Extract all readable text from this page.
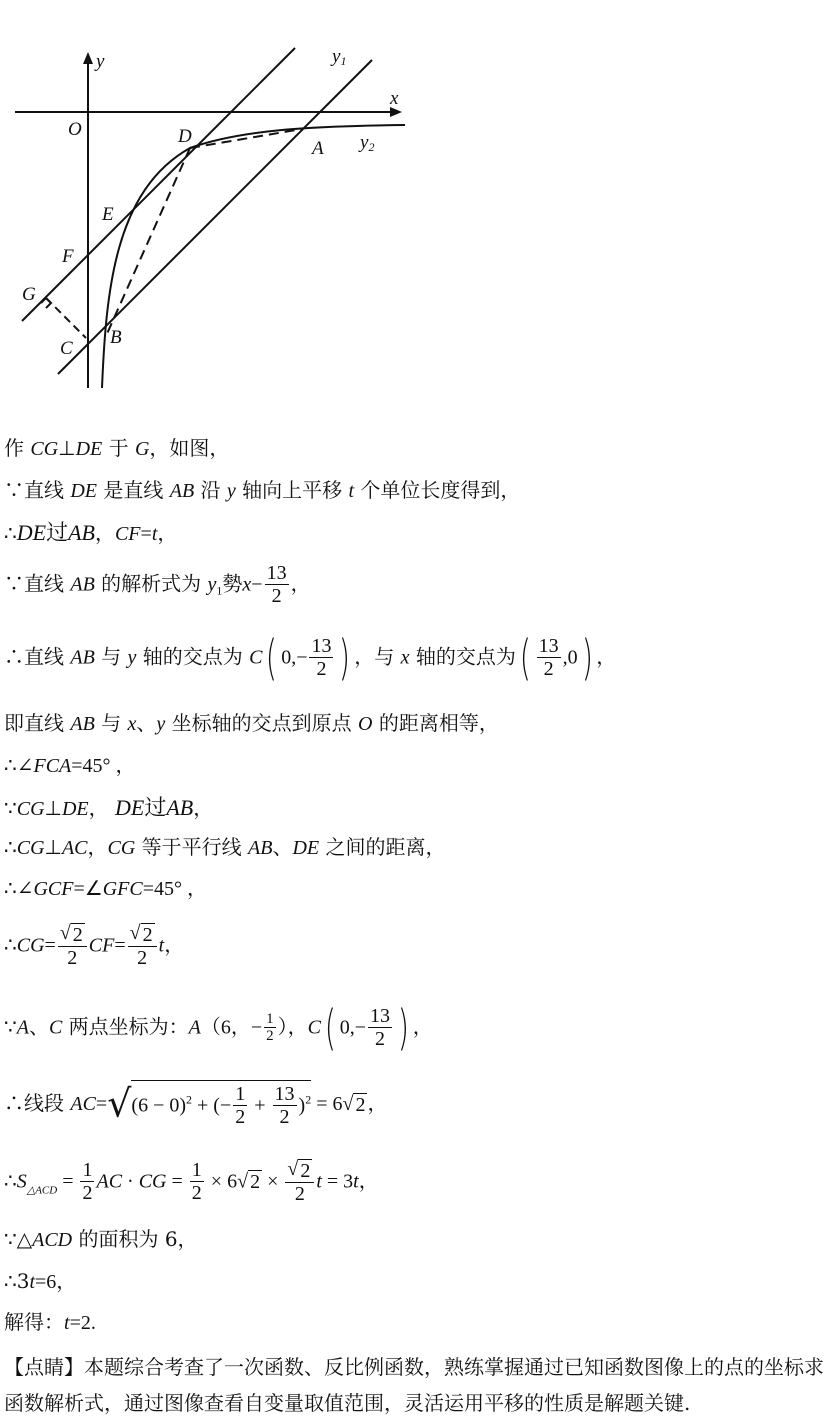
y
x
O
y1
y2
D
A
E
F
G
C
B
作 CG⊥DE 于 G，如图，
∵直线 DE 是直线 AB 沿 y 轴向上平移 t 个单位长度得到，
∴DE过AB，CF=t，
∵直线 AB 的解析式为 $y_1$勢$x- \frac{13}{2}$ ，
∴直线 AB 与 y 轴的交点为 C( $0,- \frac{13}{2}$ ) ，与 x 轴的交点为( $\frac{13}{2} ,0$) ，
即直线 AB 与 x、y 坐标轴的交点到原点 O 的距离相等，
∴∠FCA=45° ，
∵CG⊥DE， DE过AB，
∴CG⊥AC，CG 等于平行线 AB、DE 之间的距离，
∴∠GCF=∠GFC=45° ，
∴CG= $\frac{√ 2}{2} CF= \frac{√ 2}{2}$ t，
∵A、C 两点坐标为：A（6，− $\frac{1}{2}$ ），C( $0,- \frac{13}{2}$ ) ，
∴线段 $AC=√(6 - 0)^2$ + (− $\frac{1}{2} + \frac{13}{2} )^2 = 6√$ 2 ，
$\therefore S_{\triangle ACD} = \frac{1}{2}$ AC · CG = $\frac{1}{2} \times 6√$ $2 \times \frac{√ 2}{2}$ t = 3t，
∵△ACD 的面积为 6，
∴3t=6，
解得：t=2.
【点睛】本题综合考查了一次函数、反比例函数，熟练掌握通过已知函数图像上的点的坐标求函数解析式，通过图像查看自变量取值范围，灵活运用平移的性质是解题关键.
